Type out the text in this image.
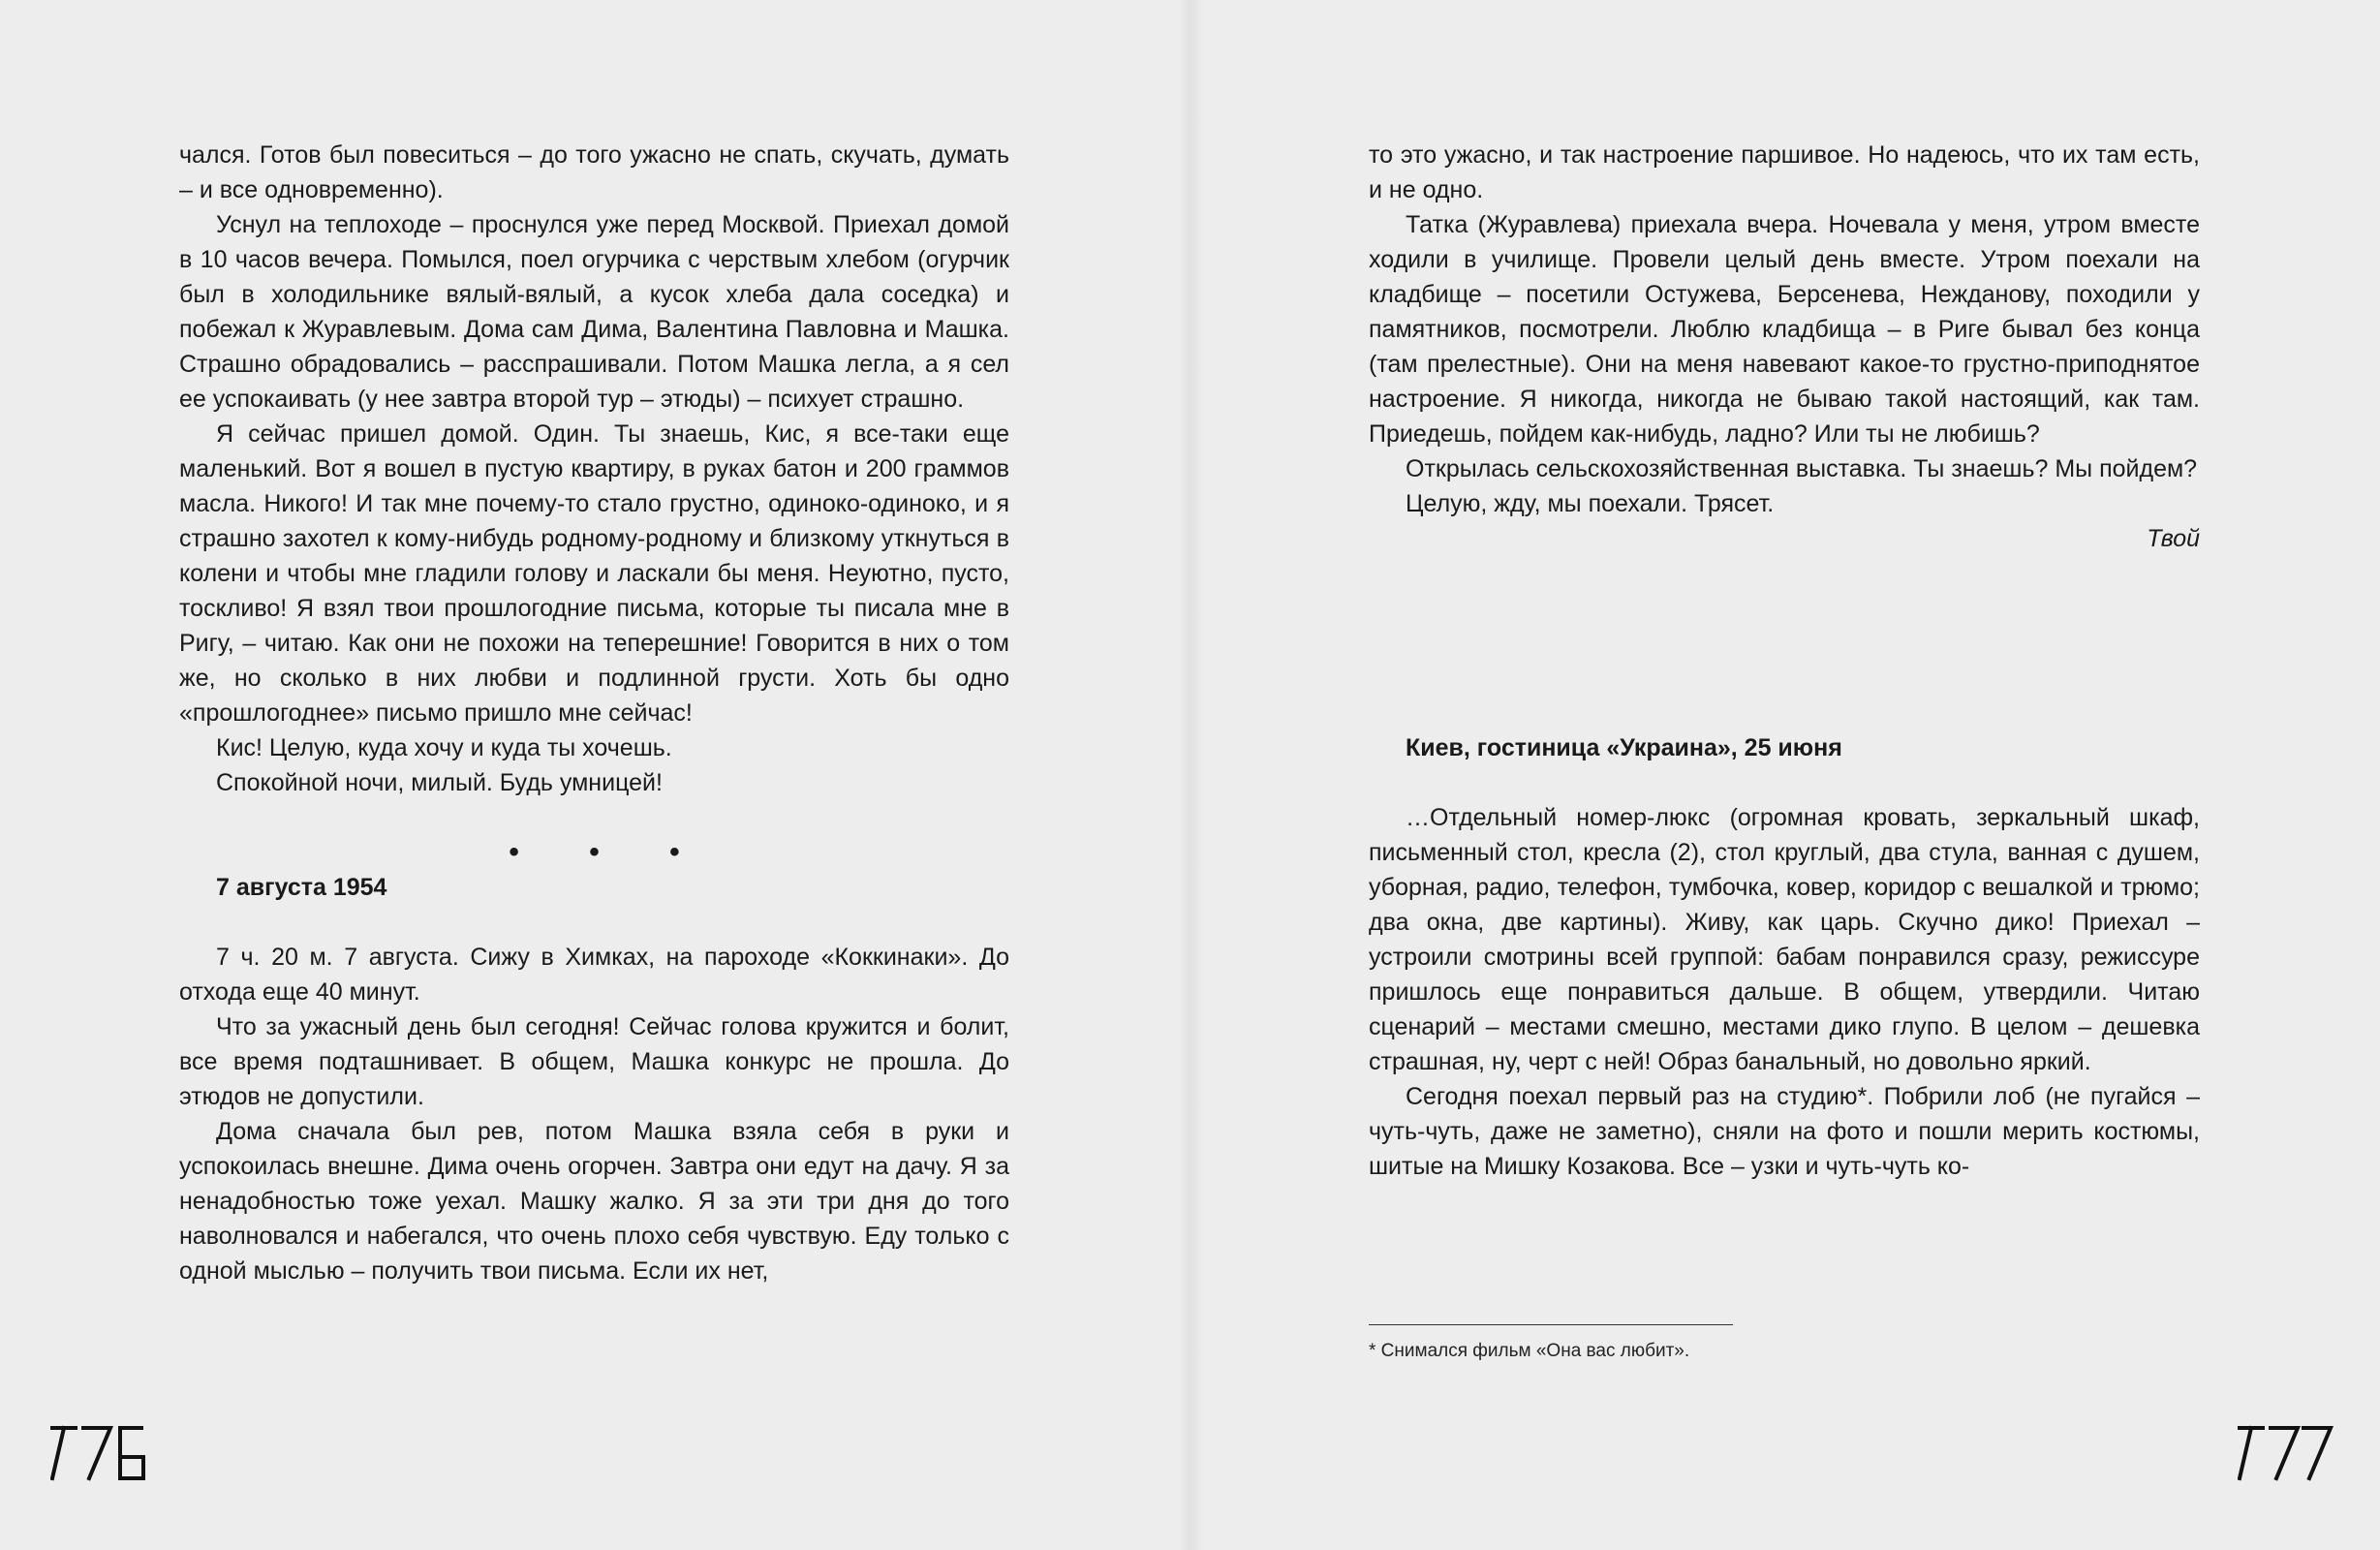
чался. Готов был повеситься – до того ужасно не спать, скучать, думать – и все одновременно).

Уснул на теплоходе – проснулся уже перед Москвой. Приехал домой в 10 часов вечера. Помылся, поел огурчика с черствым хлебом (огурчик был в холодильнике вялый-вялый, а кусок хлеба дала соседка) и побежал к Журавлевым. Дома сам Дима, Валентина Павловна и Машка. Страшно обрадовались – расспрашивали. Потом Машка легла, а я сел ее успокаивать (у нее завтра второй тур – этюды) – психует страшно.

Я сейчас пришел домой. Один. Ты знаешь, Кис, я все-таки еще маленький. Вот я вошел в пустую квартиру, в руках батон и 200 граммов масла. Никого! И так мне почему-то стало грустно, одиноко-одиноко, и я страшно захотел к кому-нибудь родному-родному и близкому уткнуться в колени и чтобы мне гладили голову и ласкали бы меня. Неуютно, пусто, тоскливо! Я взял твои прошлогодние письма, которые ты писала мне в Ригу, – читаю. Как они не похожи на теперешние! Говорится в них о том же, но сколько в них любви и подлинной грусти. Хоть бы одно «прошлогоднее» письмо пришло мне сейчас!

Кис! Целую, куда хочу и куда ты хочешь.

Спокойной ночи, милый. Будь умницей!

• • •

7 августа 1954

7 ч. 20 м. 7 августа. Сижу в Химках, на пароходе «Коккинаки». До отхода еще 40 минут.

Что за ужасный день был сегодня! Сейчас голова кружится и болит, все время подташнивает. В общем, Машка конкурс не прошла. До этюдов не допустили.

Дома сначала был рев, потом Машка взяла себя в руки и успокоилась внешне. Дима очень огорчен. Завтра они едут на дачу. Я за ненадобностью тоже уехал. Машку жалко. Я за эти три дня до того наволновался и набегался, что очень плохо себя чувствую. Еду только с одной мыслью – получить твои письма. Если их нет,

то это ужасно, и так настроение паршивое. Но надеюсь, что их там есть, и не одно.

Татка (Журавлева) приехала вчера. Ночевала у меня, утром вместе ходили в училище. Провели целый день вместе. Утром поехали на кладбище – посетили Остужева, Берсенева, Нежданову, походили у памятников, посмотрели. Люблю кладбища – в Риге бывал без конца (там прелестные). Они на меня навевают какое-то грустно-приподнятое настроение. Я никогда, никогда не бываю такой настоящий, как там. Приедешь, пойдем как-нибудь, ладно? Или ты не любишь?

Открылась сельскохозяйственная выставка. Ты знаешь? Мы пойдем?

Целую, жду, мы поехали. Трясет.

Твой

Киев, гостиница «Украина», 25 июня

…Отдельный номер-люкс (огромная кровать, зеркальный шкаф, письменный стол, кресла (2), стол круглый, два стула, ванная с душем, уборная, радио, телефон, тумбочка, ковер, коридор с вешалкой и трюмо; два окна, две картины). Живу, как царь. Скучно дико! Приехал – устроили смотрины всей группой: бабам понравился сразу, режиссуре пришлось еще понравиться дальше. В общем, утвердили. Читаю сценарий – местами смешно, местами дико глупо. В целом – дешевка страшная, ну, черт с ней! Образ банальный, но довольно яркий.

Сегодня поехал первый раз на студию*. Побрили лоб (не пугайся – чуть-чуть, даже не заметно), сняли на фото и пошли мерить костюмы, шитые на Мишку Козакова. Все – узки и чуть-чуть ко-

* Снимался фильм «Она вас любит».
